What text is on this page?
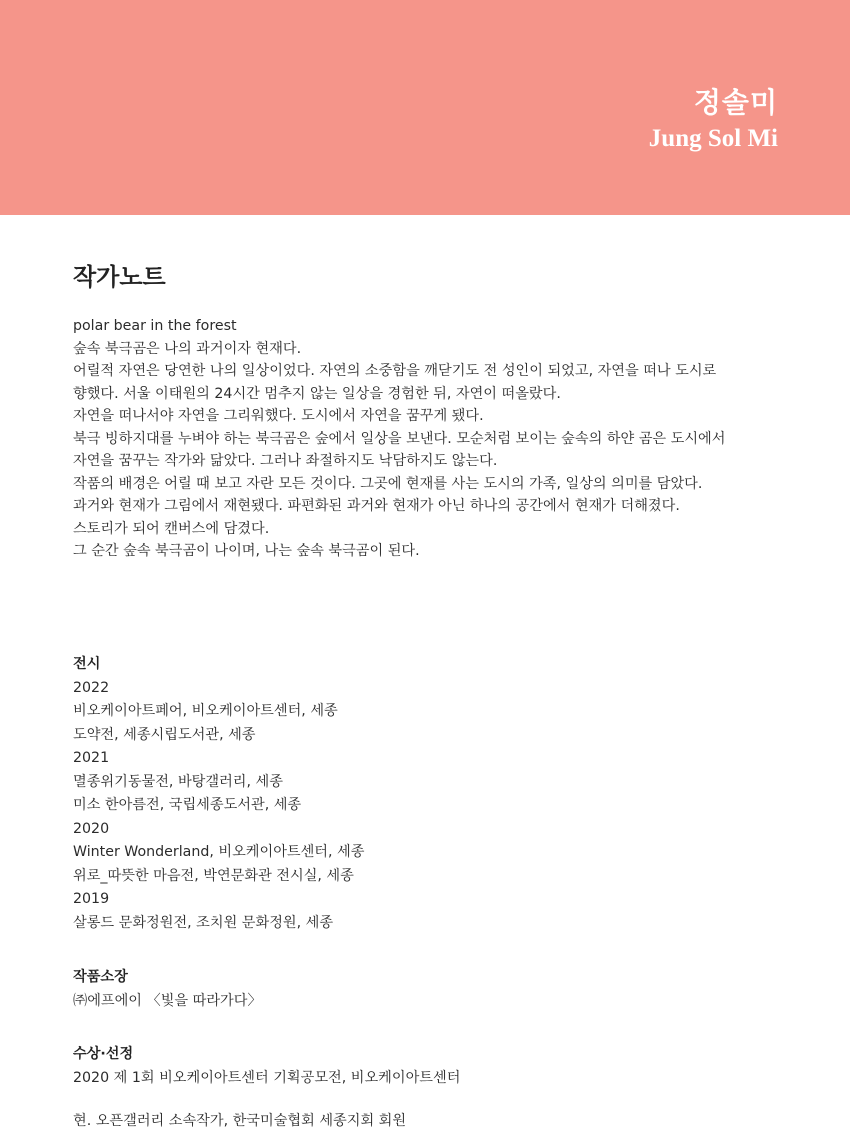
정솔미
Jung Sol Mi
작가노트
polar bear in the forest
숲속 북극곰은 나의 과거이자 현재다.
어릴적 자연은 당연한 나의 일상이었다. 자연의 소중함을 깨닫기도 전 성인이 되었고, 자연을 떠나 도시로
향했다. 서울 이태원의 24시간 멈추지 않는 일상을 경험한 뒤, 자연이 떠올랐다.
자연을 떠나서야 자연을 그리워했다. 도시에서 자연을 꿈꾸게 됐다.
북극 빙하지대를 누벼야 하는 북극곰은 숲에서 일상을 보낸다. 모순처럼 보이는 숲속의 하얀 곰은 도시에서
자연을 꿈꾸는 작가와 닮았다. 그러나 좌절하지도 낙담하지도 않는다.
작품의 배경은 어릴 때 보고 자란 모든 것이다. 그곳에 현재를 사는 도시의 가족, 일상의 의미를 담았다.
과거와 현재가 그림에서 재현됐다. 파편화된 과거와 현재가 아닌 하나의 공간에서 현재가 더해졌다.
스토리가 되어 캔버스에 담겼다.
그 순간 숲속 북극곰이 나이며, 나는 숲속 북극곰이 된다.
전시
2022
비오케이아트페어, 비오케이아트센터, 세종
도약전, 세종시립도서관, 세종
2021
멸종위기동물전, 바탕갤러리, 세종
미소 한아름전, 국립세종도서관, 세종
2020
Winter Wonderland, 비오케이아트센터, 세종
위로_따뜻한 마음전, 박연문화관 전시실, 세종
2019
살롱드 문화정원전, 조치원 문화정원, 세종
작품소장
㈜에프에이 〈빛을 따라가다〉
수상·선정
2020 제 1회 비오케이아트센터 기획공모전, 비오케이아트센터
현. 오픈갤러리 소속작가, 한국미술협회 세종지회 회원
